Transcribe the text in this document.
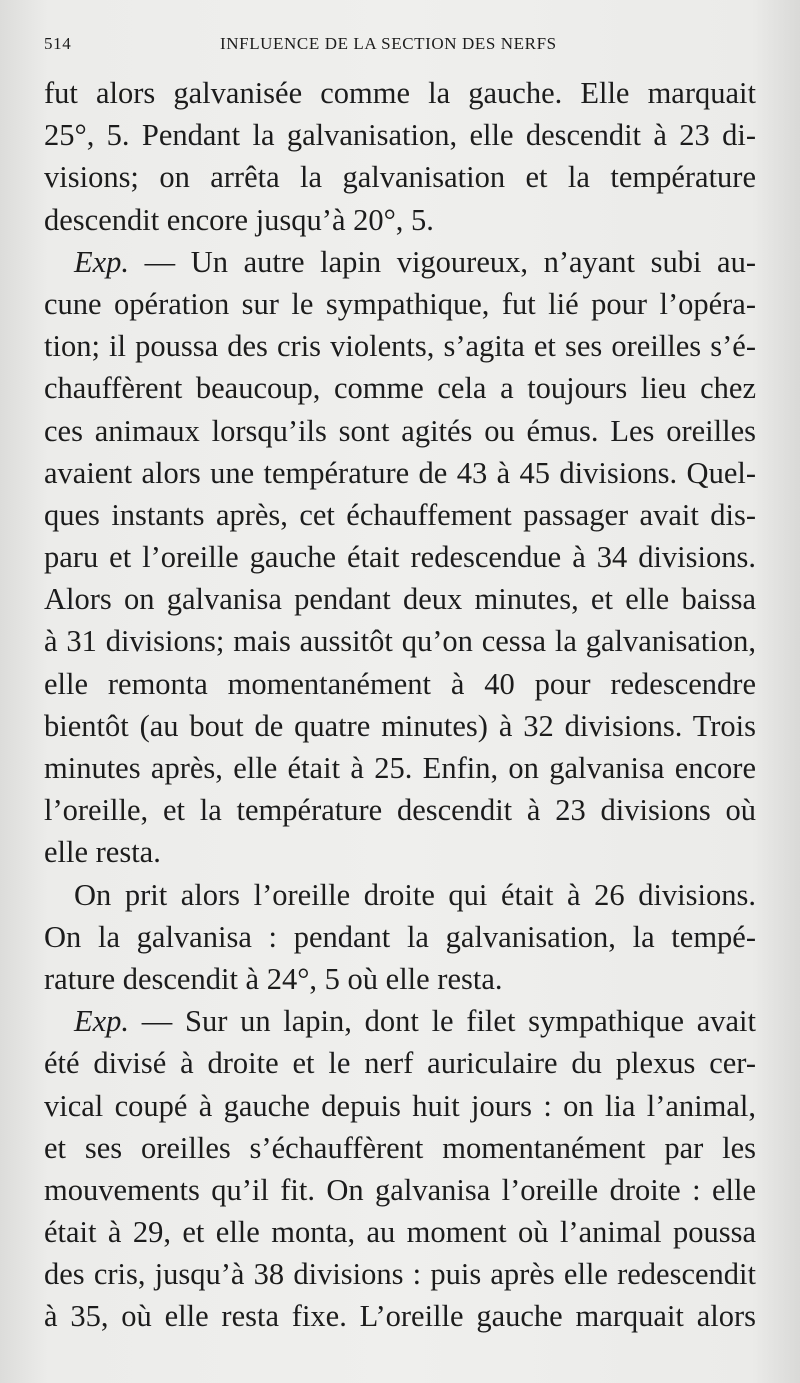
514	INFLUENCE DE LA SECTION DES NERFS
fut alors galvanisée comme la gauche. Elle marquait
25°, 5. Pendant la galvanisation, elle descendit à 23 di-
visions; on arrêta la galvanisation et la température
descendit encore jusqu’à 20°, 5.
Exp. — Un autre lapin vigoureux, n’ayant subi au-
cune opération sur le sympathique, fut lié pour l’opéra-
tion; il poussa des cris violents, s’agita et ses oreilles s’é-
chauffèrent beaucoup, comme cela a toujours lieu chez
ces animaux lorsqu’ils sont agités ou émus. Les oreilles
avaient alors une température de 43 à 45 divisions. Quel-
ques instants après, cet échauffement passager avait dis-
paru et l’oreille gauche était redescendue à 34 divisions.
Alors on galvanisa pendant deux minutes, et elle baissa
à 31 divisions; mais aussitôt qu’on cessa la galvanisation,
elle remonta momentanément à 40 pour redescendre
bientôt (au bout de quatre minutes) à 32 divisions. Trois
minutes après, elle était à 25. Enfin, on galvanisa encore
l’oreille, et la température descendit à 23 divisions où
elle resta.
On prit alors l’oreille droite qui était à 26 divisions.
On la galvanisa : pendant la galvanisation, la tempé-
rature descendit à 24°, 5 où elle resta.
Exp. — Sur un lapin, dont le filet sympathique avait
été divisé à droite et le nerf auriculaire du plexus cer-
vical coupé à gauche depuis huit jours : on lia l’animal,
et ses oreilles s’échauffèrent momentanément par les
mouvements qu’il fit. On galvanisa l’oreille droite : elle
était à 29, et elle monta, au moment où l’animal poussa
des cris, jusqu’à 38 divisions : puis après elle redescendit
à 35, où elle resta fixe. L’oreille gauche marquait alors
